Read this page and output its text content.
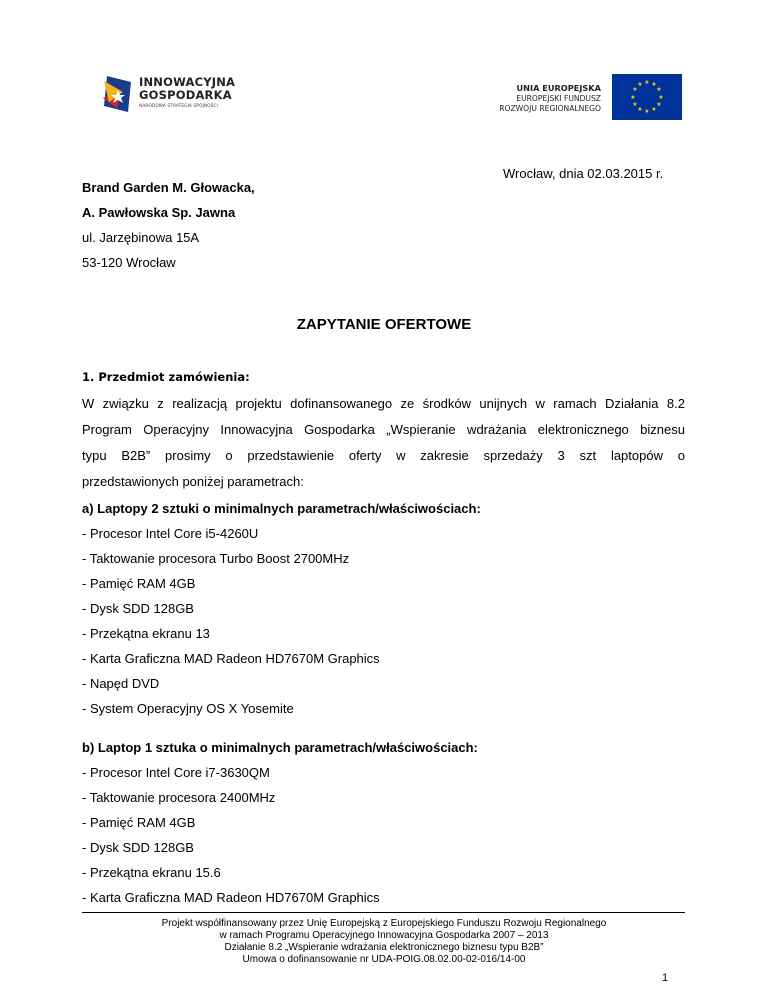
INNOWACYJNA
GOSPODARKA
NARODOWA STRATEGIA SPÓJNOŚCI
UNIA EUROPEJSKA
EUROPEJSKI FUNDUSZ
ROZWOJU REGIONALNEGO
★ ★
★
★
★
★
★
★
★
★
★
★
Wrocław, dnia 02.03.2015 r.
Brand Garden M. Głowacka,
A. Pawłowska Sp. Jawna
ul. Jarzębinowa 15A
53-120 Wrocław
ZAPYTANIE OFERTOWE
1. Przedmiot zamówienia:
W związku z realizacją projektu dofinansowanego ze środków unijnych w ramach Działania 8.2
Program Operacyjny Innowacyjna Gospodarka „Wspieranie wdrażania elektronicznego biznesu
typu B2B” prosimy o przedstawienie oferty w zakresie sprzedaży 3 szt laptopów o
przedstawionych poniżej parametrach:
a) Laptopy 2 sztuki o minimalnych parametrach/właściwościach:
- Procesor Intel Core i5-4260U
- Taktowanie procesora Turbo Boost 2700MHz
- Pamięć RAM 4GB
- Dysk SDD 128GB
- Przekątna ekranu 13
- Karta Graficzna MAD Radeon HD7670M Graphics
- Napęd DVD
- System Operacyjny OS X Yosemite
b) Laptop 1 sztuka o minimalnych parametrach/właściwościach:
- Procesor Intel Core i7-3630QM
- Taktowanie procesora 2400MHz
- Pamięć RAM 4GB
- Dysk SDD 128GB
- Przekątna ekranu 15.6
- Karta Graficzna MAD Radeon HD7670M Graphics
Projekt współfinansowany przez Unię Europejską z Europejskiego Funduszu Rozwoju Regionalnego
w ramach Programu Operacyjnego Innowacyjna Gospodarka 2007 – 2013
Działanie 8.2 „Wspieranie wdrażania elektronicznego biznesu typu B2B”
Umowa o dofinansowanie nr UDA-POIG.08.02.00-02-016/14-00
1
